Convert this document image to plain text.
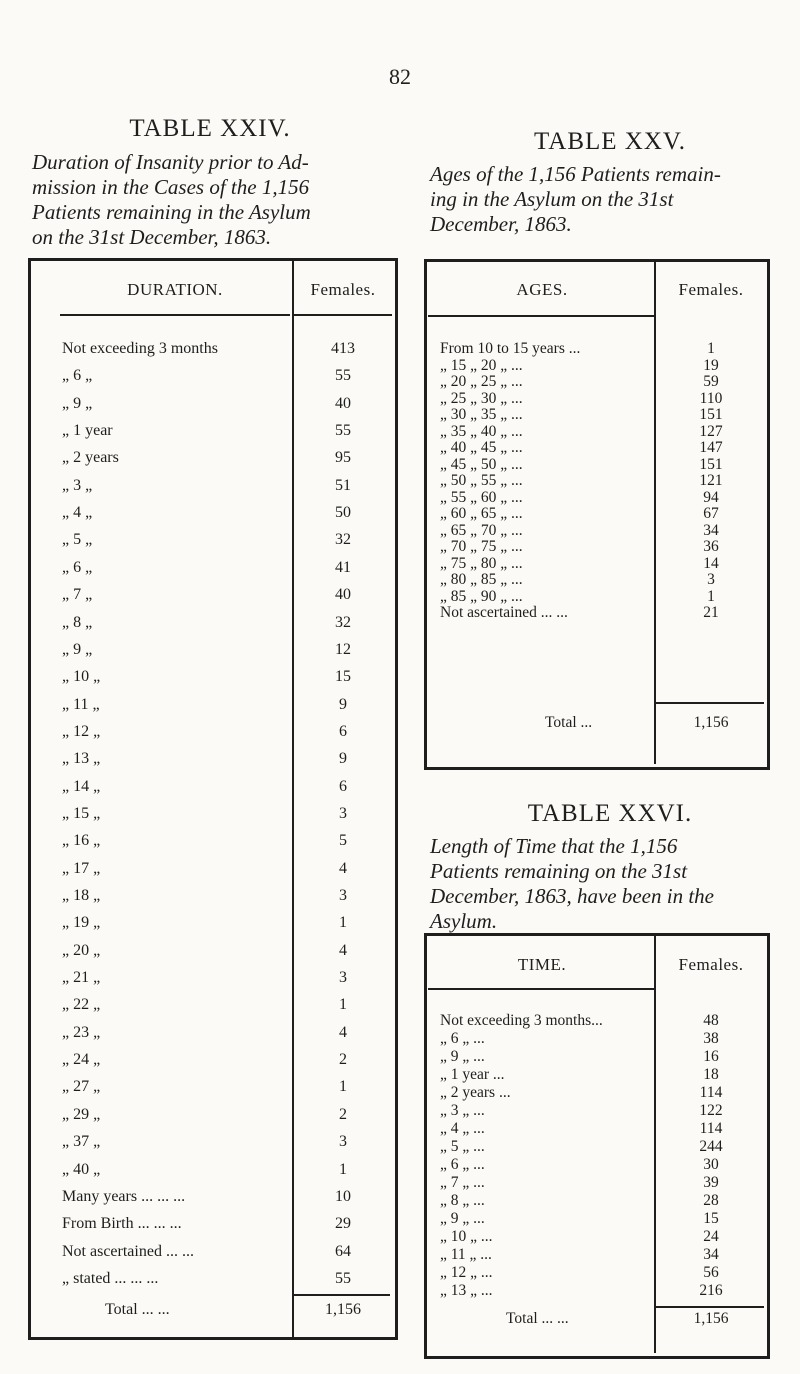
82
TABLE XXIV.
Duration of Insanity prior to Ad-
mission in the Cases of the 1,156
Patients remaining in the Asylum
on the 31st December, 1863.
DURATION.	Females.
Not exceeding 3 months	413
„ 6 „	55
„ 9 „	40
„ 1 year	55
„ 2 years	95
„ 3 „	51
„ 4 „	50
„ 5 „	32
„ 6 „	41
„ 7 „	40
„ 8 „	32
„ 9 „	12
„ 10 „	15
„ 11 „	9
„ 12 „	6
„ 13 „	9
„ 14 „	6
„ 15 „	3
„ 16 „	5
„ 17 „	4
„ 18 „	3
„ 19 „	1
„ 20 „	4
„ 21 „	3
„ 22 „	1
„ 23 „	4
„ 24 „	2
„ 27 „	1
„ 29 „	2
„ 37 „	3
„ 40 „	1
Many years ... ... ...	10
From Birth ... ... ...	29
Not ascertained ... ...	64
„ stated ... ... ...	55
Total ... ...	1,156
TABLE XXV.
Ages of the 1,156 Patients remain-
ing in the Asylum on the 31st
December, 1863.
AGES.	Females.
From 10 to 15 years ...	1
„ 15 „ 20 „ ...	19
„ 20 „ 25 „ ...	59
„ 25 „ 30 „ ...	110
„ 30 „ 35 „ ...	151
„ 35 „ 40 „ ...	127
„ 40 „ 45 „ ...	147
„ 45 „ 50 „ ...	151
„ 50 „ 55 „ ...	121
„ 55 „ 60 „ ...	94
„ 60 „ 65 „ ...	67
„ 65 „ 70 „ ...	34
„ 70 „ 75 „ ...	36
„ 75 „ 80 „ ...	14
„ 80 „ 85 „ ...	3
„ 85 „ 90 „ ...	1
Not ascertained ... ...	21
Total ...	1,156
TABLE XXVI.
Length of Time that the 1,156
Patients remaining on the 31st
December, 1863, have been in the
Asylum.
TIME.	Females.
Not exceeding 3 months...	48
„ 6 „ ...	38
„ 9 „ ...	16
„ 1 year ...	18
„ 2 years ...	114
„ 3 „ ...	122
„ 4 „ ...	114
„ 5 „ ...	244
„ 6 „ ...	30
„ 7 „ ...	39
„ 8 „ ...	28
„ 9 „ ...	15
„ 10 „ ...	24
„ 11 „ ...	34
„ 12 „ ...	56
„ 13 „ ...	216
Total ... ...	1,156
